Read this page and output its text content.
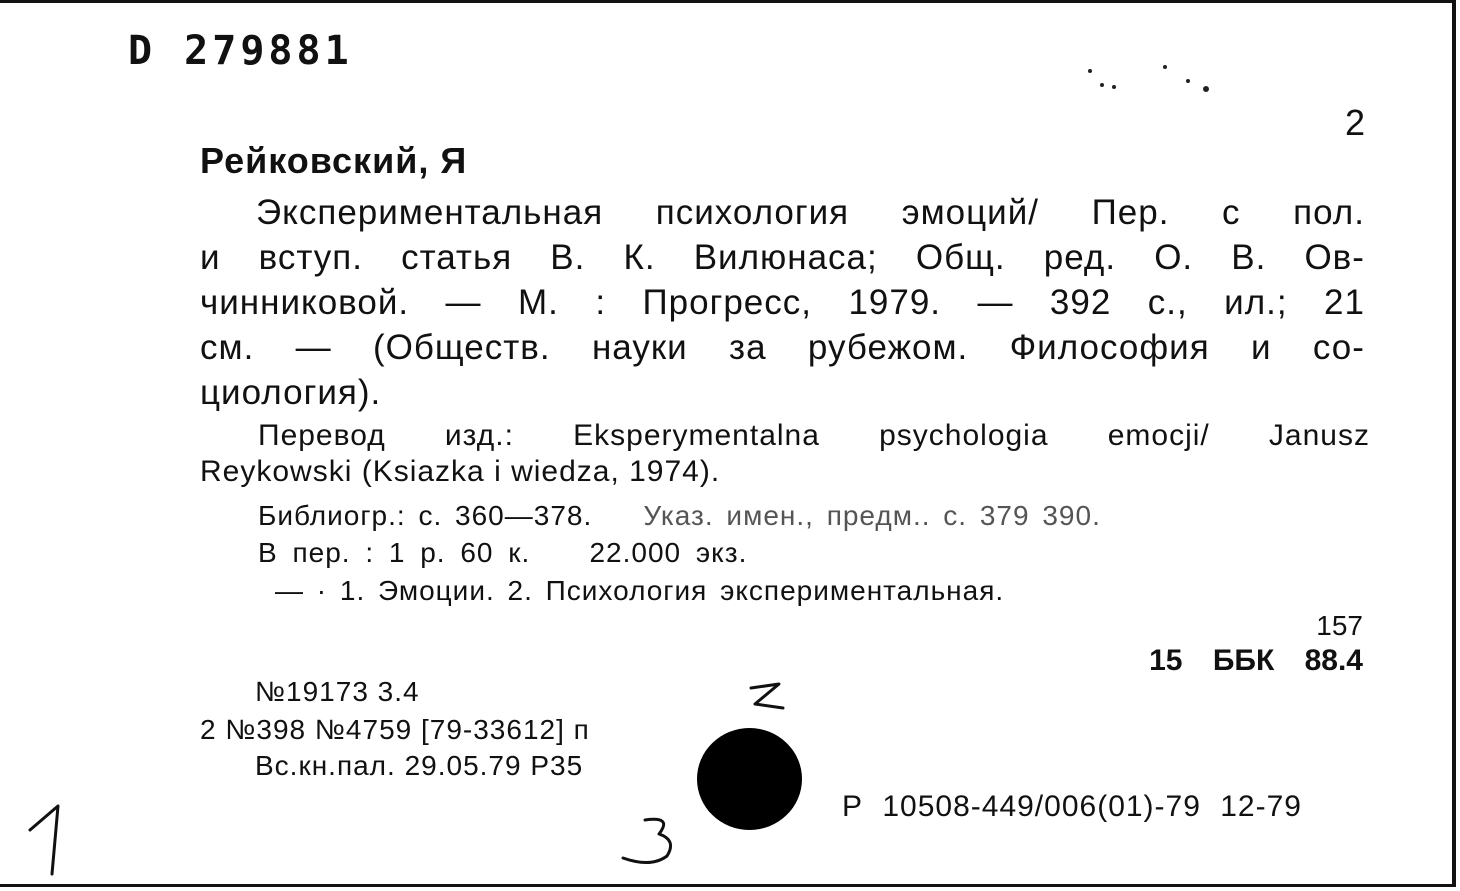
D 279881
2
Рейковский, Я
Экспериментальная психология эмоций/ Пер. с пол.
и вступ. статья В. К. Вилюнаса; Общ. ред. О. В. Ов-
чинниковой. — М. : Прогресс, 1979. — 392 с., ил.; 21
см. — (Обществ. науки за рубежом. Философия и со-
циология).
Перевод изд.: Eksperymentalna psychologia emocji/ Janusz
Reykowski (Ksiazka i wiedza, 1974).
Библиогр.: с. 360—378. Указ. имен., предм.. с. 379 390.
В пер. : 1 р. 60 к. 22.000 экз.
— · 1. Эмоции. 2. Психология экспериментальная.
157
15 ББК 88.4
№19173 3.4
2 №398 №4759 [79-33612] п
Вс.кн.пал. 29.05.79 Р35
Р 10508-449/006(01)-79 12-79
